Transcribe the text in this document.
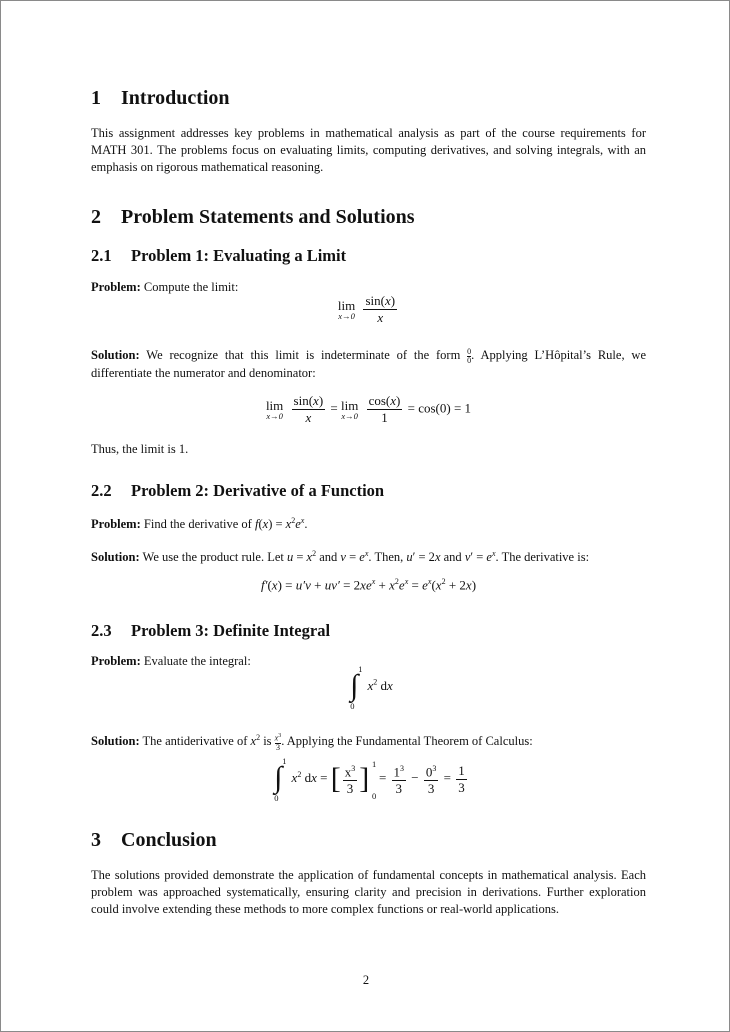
1 Introduction

This assignment addresses key problems in mathematical analysis as part of the course requirements for MATH 301. The problems focus on evaluating limits, computing derivatives, and solving integrals, with an emphasis on rigorous mathematical reasoning.

2 Problem Statements and Solutions
2.1 Problem 1: Evaluating a Limit

Problem: Compute the limit:

lim
x→0
$\frac{\sin(x)}{x}$

Solution: We recognize that this limit is indeterminate of the form $\frac{0}{0}$ . Applying L’Hôpital’s Rule, we differentiate the numerator and denominator:

lim
x→0
$\frac{\sin(x)}{x} = \lim$
x→0
$\frac{\cos(x)}{1} = \cos(0) = 1$

Thus, the limit is 1.

2.2 Problem 2: Derivative of a Function

Problem: Find the derivative of $f(x) = x^2e^x$.

Solution: We use the product rule. Let $u = x^2$ and $v = e^x$. Then, u′ = 2x and $v' = e^x$. The derivative is:

$f'(x) = u'v + uv' = 2xe^x + x^2e^x = e^x(x^2 + 2x)$
2.3 Problem 3: Definite Integral

Problem: Evaluate the integral:

∫ 1
0
$x^2$ dx

Solution: The antiderivative of $x^2$ is $\frac{x^3}{3}$ . Applying the Fundamental Theorem of Calculus:

∫ 1
0
$x^2$ dx = [ $\frac{x^3}{3}$ ] 1
0
= $\frac{1^3}{3} - \frac{0^3}{3} = \frac{1}{3}$
3 Conclusion

The solutions provided demonstrate the application of fundamental concepts in mathematical analysis. Each problem was approached systematically, ensuring clarity and precision in derivations. Further exploration could involve extending these methods to more complex functions or real-world applications.

2
